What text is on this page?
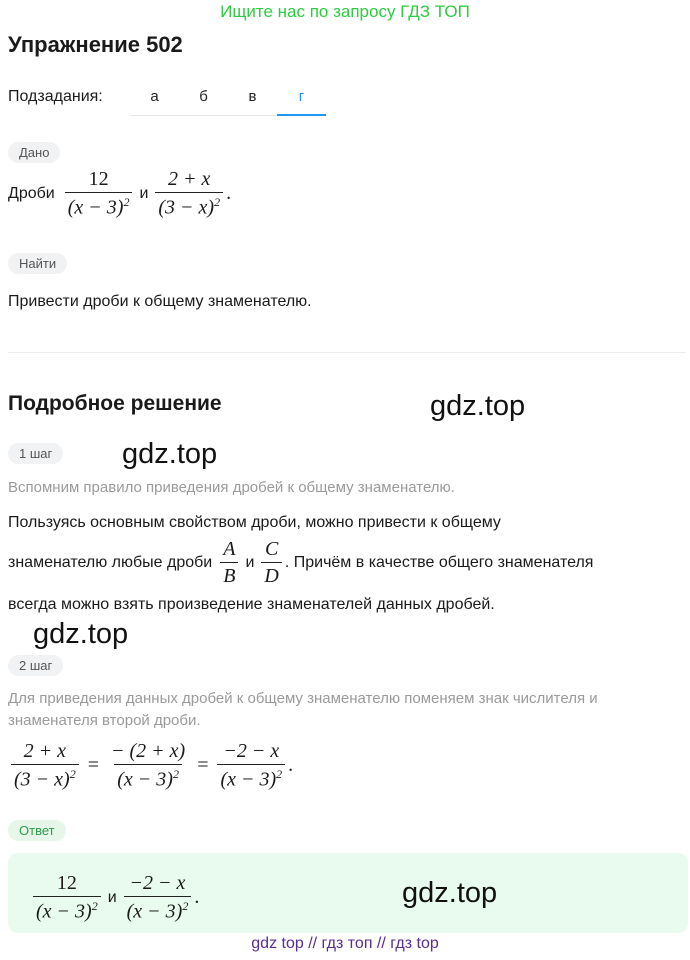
Ищите нас по запросу ГДЗ ТОП
Упражнение 502
Подзадания:	а	б	в	г
Дано
Дроби $\frac{12}{(x - 3)^2}$ и $\frac{2 + x}{(3 - x)^2}$ .
Найти
Привести дроби к общему знаменателю.
Подробное решение	gdz.top
1 шаг	gdz.top
Вспомним правило приведения дробей к общему знаменателю.
Пользуясь основным свойством дроби, можно привести к общему
знаменателю любые дроби $\frac{A}{B}$ и $\frac{C}{D}$ . Причём в качестве общего знаменателя
всегда можно взять произведение знаменателей данных дробей.
gdz.top
2 шаг
Для приведения данных дробей к общему знаменателю поменяем знак числителя и знаменателя второй дроби.
$\frac{2 + x}{(3 - x)^2} = \frac{- (2 + x)}{(x - 3)^2} = \frac{-2 - x}{(x - 3)^2}$ .
Ответ
$\frac{12}{(x - 3)^2}$ и $\frac{-2 - x}{(x - 3)^2}$ .	gdz.top
gdz top // гдз топ // гдз top
